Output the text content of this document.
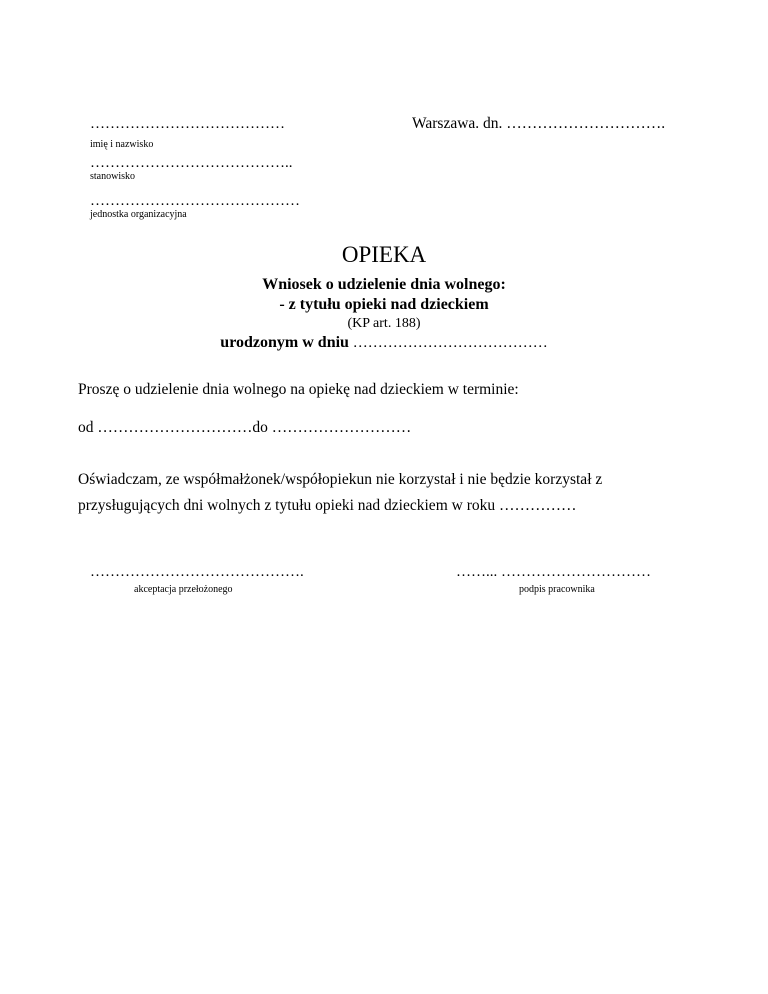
…………………………………
imię i nazwisko
…………………………………..
stanowisko
……………………………………
jednostka organizacyjna
Warszawa. dn. ………………………….
OPIEKA
Wniosek o udzielenie dnia wolnego:
- z tytułu opieki nad dzieckiem
(KP art. 188)
urodzonym w dniu …………………………………
Proszę o udzielenie dnia wolnego na opiekę nad dzieckiem w terminie:
od …………………………do ………………………
Oświadczam, ze współmałżonek/współopiekun nie korzystał i nie będzie korzystał z
przysługujących dni wolnych z tytułu opieki nad dzieckiem w roku ……………
…………………………………….
akceptacja przełożonego
……... …………………………
podpis pracownika
